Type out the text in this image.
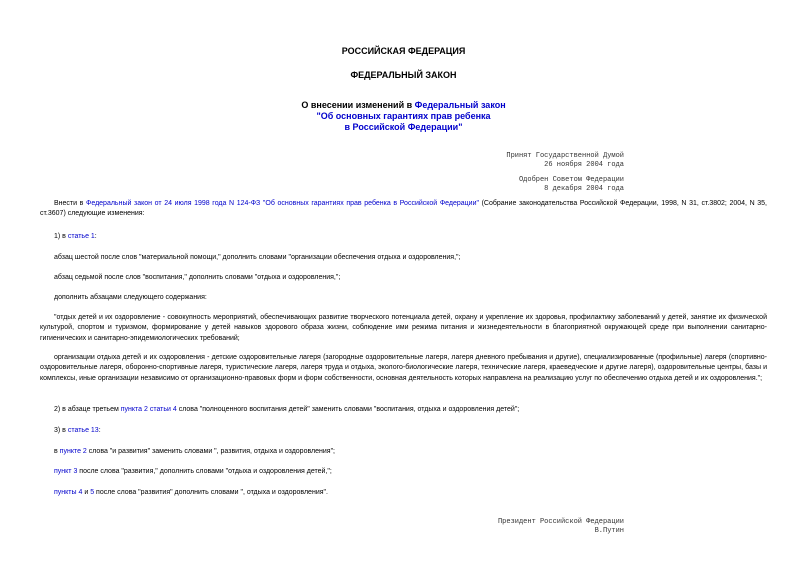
РОССИЙСКАЯ ФЕДЕРАЦИЯ
ФЕДЕРАЛЬНЫЙ ЗАКОН
О внесении изменений в Федеральный закон
"Об основных гарантиях прав ребенка
в Российской Федерации"
Принят Государственной Думой
26 ноября 2004 года
Одобрен Советом Федерации
8 декабря 2004 года
Внести в Федеральный закон от 24 июля 1998 года N 124-ФЗ "Об основных гарантиях прав ребенка в Российской Федерации" (Собрание законодательства Российской Федерации, 1998, N 31, ст.3802; 2004, N 35, ст.3607) следующие изменения:
1) в статье 1:
абзац шестой после слов "материальной помощи," дополнить словами "организации обеспечения отдыха и оздоровления,";
абзац седьмой после слов "воспитания," дополнить словами "отдыха и оздоровления,";
дополнить абзацами следующего содержания:
"отдых детей и их оздоровление - совокупность мероприятий, обеспечивающих развитие творческого потенциала детей, охрану и укрепление их здоровья, профилактику заболеваний у детей, занятие их физической культурой, спортом и туризмом, формирование у детей навыков здорового образа жизни, соблюдение ими режима питания и жизнедеятельности в благоприятной окружающей среде при выполнении санитарно-гигиенических и санитарно-эпидемиологических требований;
организации отдыха детей и их оздоровления - детские оздоровительные лагеря (загородные оздоровительные лагеря, лагеря дневного пребывания и другие), специализированные (профильные) лагеря (спортивно-оздоровительные лагеря, оборонно-спортивные лагеря, туристические лагеря, лагеря труда и отдыха, эколого-биологические лагеря, технические лагеря, краеведческие и другие лагеря), оздоровительные центры, базы и комплексы, иные организации независимо от организационно-правовых форм и форм собственности, основная деятельность которых направлена на реализацию услуг по обеспечению отдыха детей и их оздоровления.";
2) в абзаце третьем пункта 2 статьи 4 слова "полноценного воспитания детей" заменить словами "воспитания, отдыха и оздоровления детей";
3) в статье 13:
в пункте 2 слова "и развития" заменить словами ", развития, отдыха и оздоровления";
пункт 3 после слова "развития," дополнить словами "отдыха и оздоровления детей,";
пункты 4 и 5 после слова "развития" дополнить словами ", отдыха и оздоровления".
Президент Российской Федерации
В.Путин
